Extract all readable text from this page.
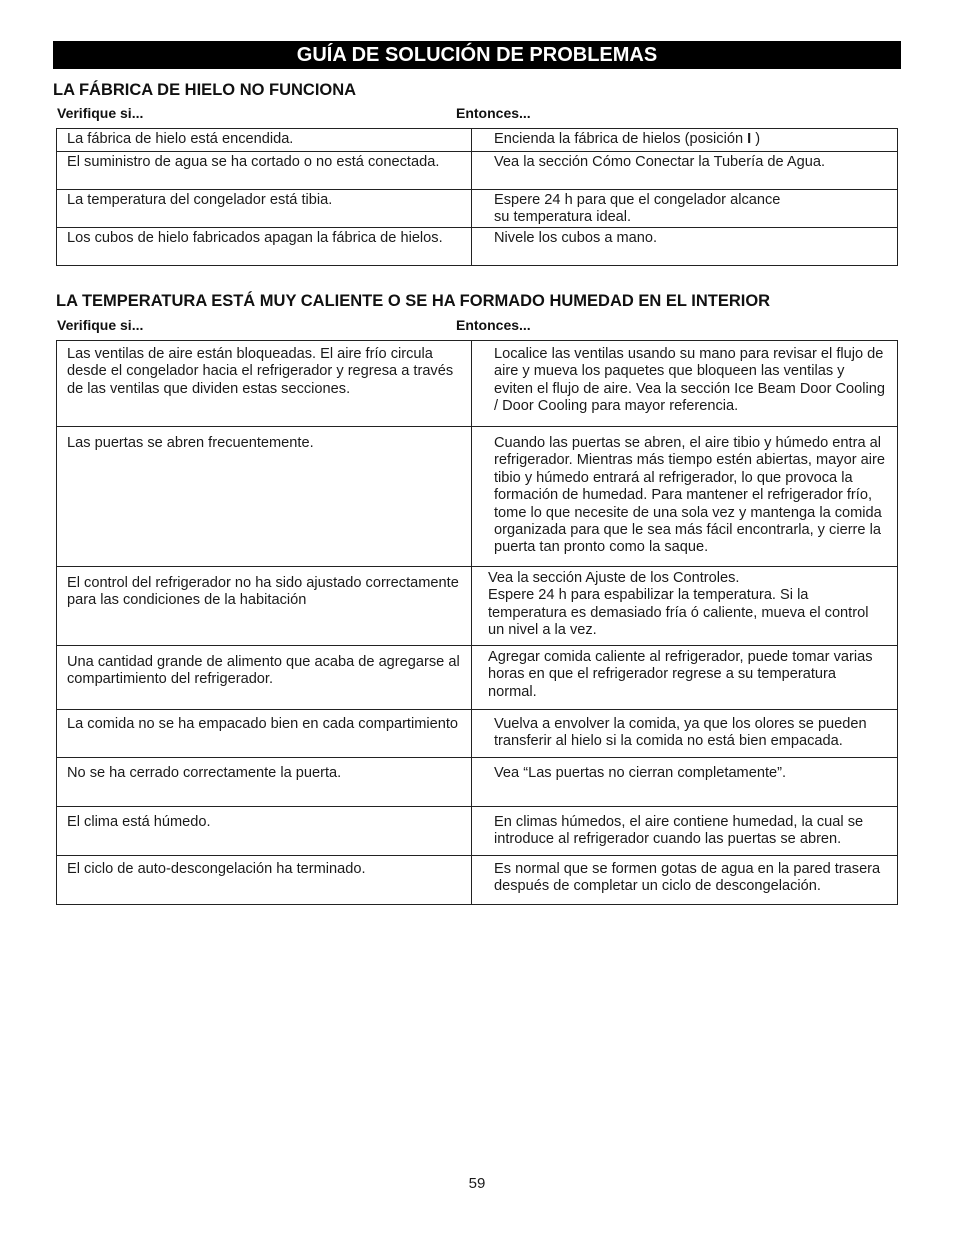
GUÍA DE SOLUCIÓN DE PROBLEMAS
LA FÁBRICA DE HIELO NO FUNCIONA
Verifique si...	Entonces...
La fábrica de hielo está encendida.	Encienda la fábrica de hielos (posición I )
El suministro de agua se ha cortado o no está conectada.	Vea la sección Cómo Conectar la Tubería de Agua.
La temperatura del congelador está tibia.	Espere 24 h para que el congelador alcance su temperatura ideal.
Los cubos de hielo fabricados apagan la fábrica de hielos.	Nivele los cubos a mano.
LA TEMPERATURA ESTÁ MUY CALIENTE O SE HA FORMADO HUMEDAD EN EL INTERIOR
Verifique si...	Entonces...
Las ventilas de aire están bloqueadas. El aire frío circula desde el congelador hacia el refrigerador y regresa a través de las ventilas que dividen estas secciones.	Localice las ventilas usando su mano para revisar el flujo de aire y mueva los paquetes que bloqueen las ventilas y eviten el flujo de aire. Vea la sección Ice Beam Door Cooling / Door Cooling para mayor referencia.
Las puertas se abren frecuentemente.	Cuando las puertas se abren, el aire tibio y húmedo entra al refrigerador. Mientras más tiempo estén abiertas, mayor aire tibio y húmedo entrará al refrigerador, lo que provoca la formación de humedad. Para mantener el refrigerador frío, tome lo que necesite de una sola vez y mantenga la comida organizada para que le sea más fácil encontrarla, y cierre la puerta tan pronto como la saque.
El control del refrigerador no ha sido ajustado correctamente para las condiciones de la habitación	Vea la sección Ajuste de los Controles.
Espere 24 h para espabilizar la temperatura. Si la temperatura es demasiado fría ó caliente, mueva el control un nivel a la vez.

Una cantidad grande de alimento que acaba de agregarse al compartimiento del refrigerador.	Agregar comida caliente al refrigerador, puede tomar varias horas en que el refrigerador regrese a su temperatura normal.
La comida no se ha empacado bien en cada compartimiento	Vuelva a envolver la comida, ya que los olores se pueden transferir al hielo si la comida no está bien empacada.
No se ha cerrado correctamente la puerta.	Vea “Las puertas no cierran completamente”.
El clima está húmedo.	En climas húmedos, el aire contiene humedad, la cual se introduce al refrigerador cuando las puertas se abren.
El ciclo de auto-descongelación ha terminado.	Es normal que se formen gotas de agua en la pared trasera después de completar un ciclo de descongelación.
59
